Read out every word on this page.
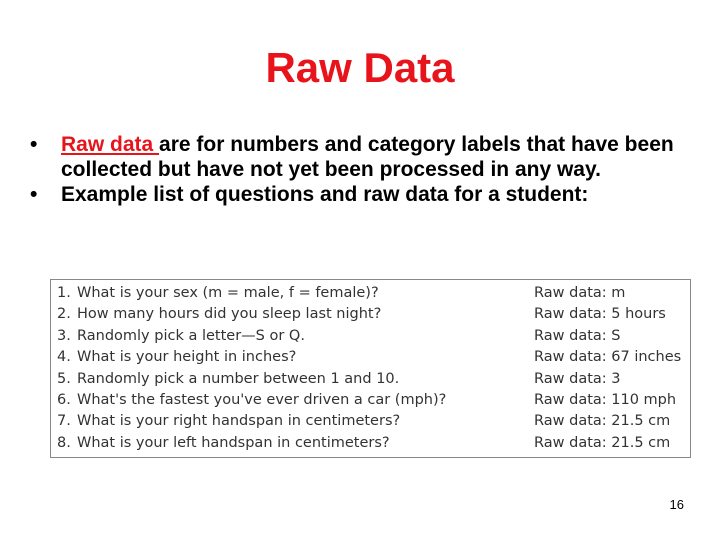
Raw Data
•	Raw data are for numbers and category labels that have been collected but have not yet been processed in any way.
•	Example list of questions and raw data for a student:
1. What is your sex (m = male, f = female)?	Raw data: m
2. How many hours did you sleep last night?	Raw data: 5 hours
3. Randomly pick a letter—S or Q.	Raw data: S
4. What is your height in inches?	Raw data: 67 inches
5. Randomly pick a number between 1 and 10.	Raw data: 3
6. What's the fastest you've ever driven a car (mph)?	Raw data: 110 mph
7. What is your right handspan in centimeters?	Raw data: 21.5 cm
8. What is your left handspan in centimeters?	Raw data: 21.5 cm
16
